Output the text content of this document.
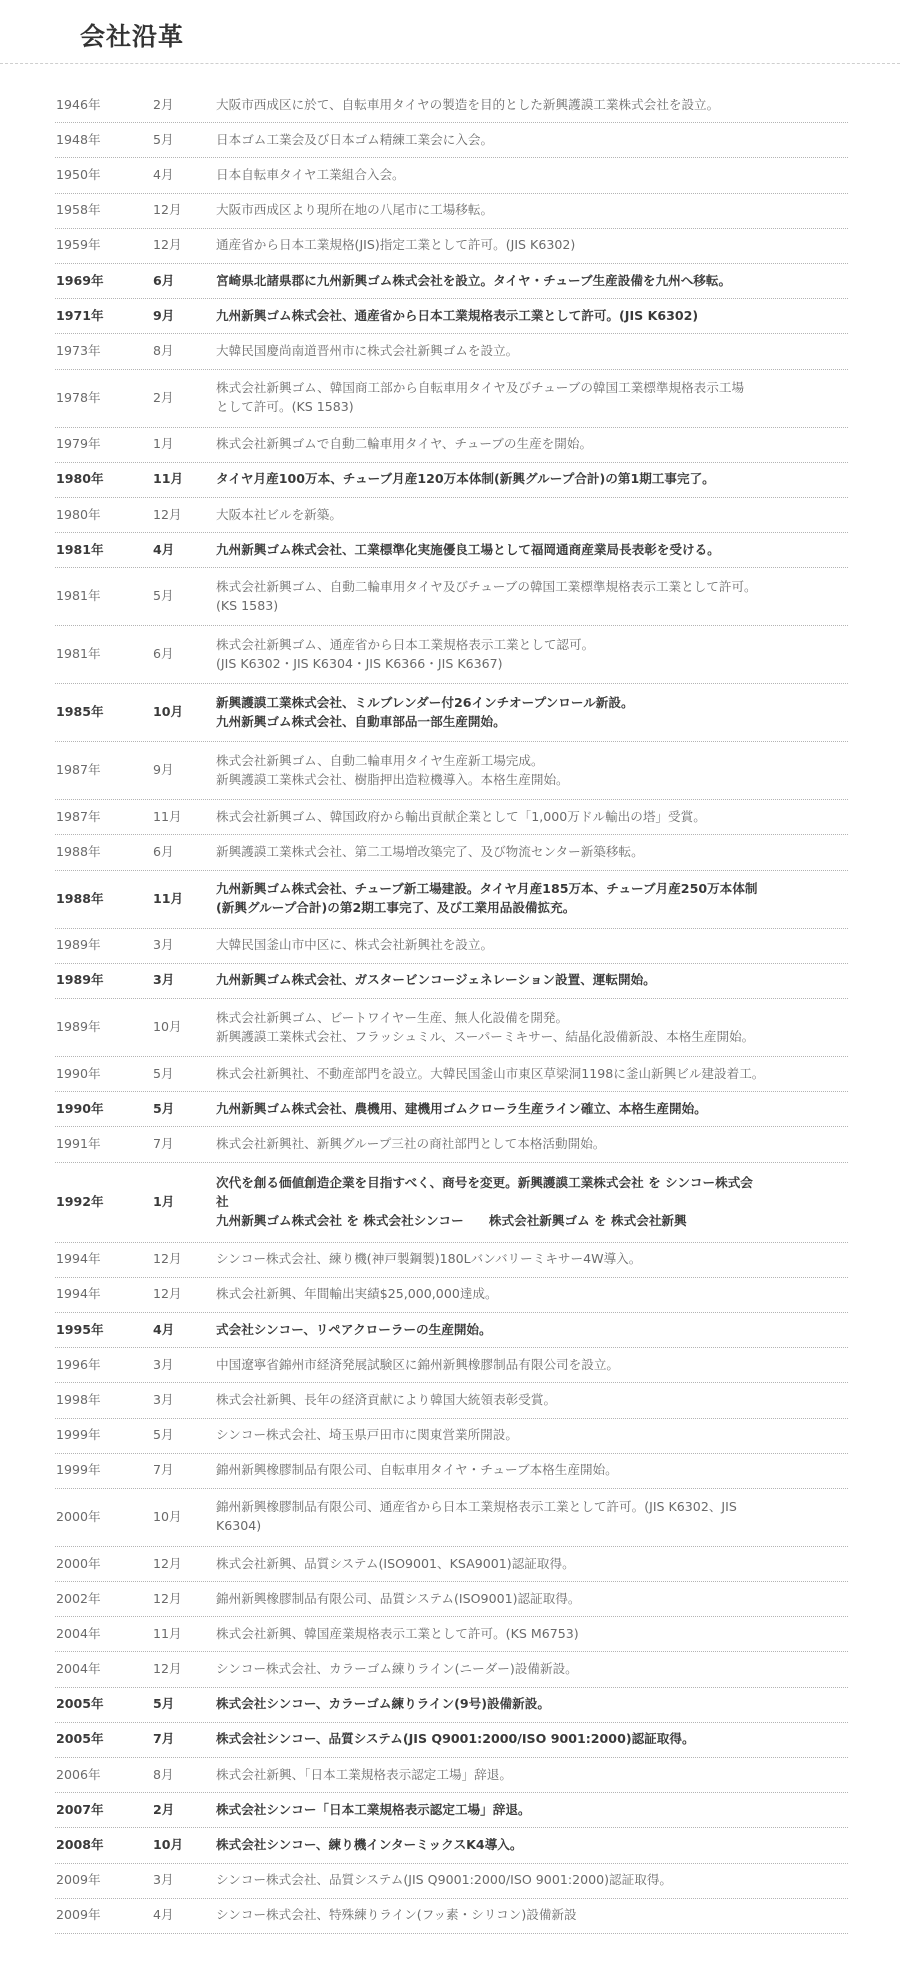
会社沿革
1946年	2月	大阪市西成区に於て、自転車用タイヤの製造を目的とした新興護謨工業株式会社を設立。
1948年	5月	日本ゴム工業会及び日本ゴム精練工業会に入会。
1950年	4月	日本自転車タイヤ工業組合入会。
1958年	12月	大阪市西成区より現所在地の八尾市に工場移転。
1959年	12月	通産省から日本工業規格(JIS)指定工業として許可。(JIS K6302)
1969年	6月	宮崎県北諸県郡に九州新興ゴム株式会社を設立。タイヤ・チューブ生産設備を九州へ移転。
1971年	9月	九州新興ゴム株式会社、通産省から日本工業規格表示工業として許可。(JIS K6302)
1973年	8月	大韓民国慶尚南道晋州市に株式会社新興ゴムを設立。
1978年	2月
株式会社新興ゴム、韓国商工部から自転車用タイヤ及びチューブの韓国工業標準規格表示工場
として許可。(KS 1583)
1979年	1月	株式会社新興ゴムで自動二輪車用タイヤ、チューブの生産を開始。
1980年	11月	タイヤ月産100万本、チューブ月産120万本体制(新興グループ合計)の第1期工事完了。
1980年	12月	大阪本社ビルを新築。
1981年	4月	九州新興ゴム株式会社、工業標準化実施優良工場として福岡通商産業局長表彰を受ける。
1981年	5月
株式会社新興ゴム、自動二輪車用タイヤ及びチューブの韓国工業標準規格表示工業として許可。
(KS 1583)
1981年	6月
株式会社新興ゴム、通産省から日本工業規格表示工業として認可。
(JIS K6302・JIS K6304・JIS K6366・JIS K6367)
1985年	10月
新興護謨工業株式会社、ミルブレンダー付26インチオープンロール新設。
九州新興ゴム株式会社、自動車部品一部生産開始。
1987年	9月
株式会社新興ゴム、自動二輪車用タイヤ生産新工場完成。
新興護謨工業株式会社、樹脂押出造粒機導入。本格生産開始。
1987年	11月	株式会社新興ゴム、韓国政府から輸出貢献企業として「1,000万ドル輸出の塔」受賞。
1988年	6月	新興護謨工業株式会社、第二工場増改築完了、及び物流センター新築移転。
1988年	11月
九州新興ゴム株式会社、チューブ新工場建設。タイヤ月産185万本、チューブ月産250万本体制
(新興グループ合計)の第2期工事完了、及び工業用品設備拡充。
1989年	3月	大韓民国釜山市中区に、株式会社新興社を設立。
1989年	3月	九州新興ゴム株式会社、ガスタービンコージェネレーション設置、運転開始。
1989年	10月
株式会社新興ゴム、ビートワイヤー生産、無人化設備を開発。
新興護謨工業株式会社、フラッシュミル、スーパーミキサー、結晶化設備新設、本格生産開始。
1990年	5月	株式会社新興社、不動産部門を設立。大韓民国釜山市東区草梁洞1198に釜山新興ビル建設着工。
1990年	5月	九州新興ゴム株式会社、農機用、建機用ゴムクローラ生産ライン確立、本格生産開始。
1991年	7月	株式会社新興社、新興グループ三社の商社部門として本格活動開始。
1992年	1月
次代を創る価値創造企業を目指すべく、商号を変更。新興護謨工業株式会社 を シンコー株式会
社
九州新興ゴム株式会社 を 株式会社シンコー　　株式会社新興ゴム を 株式会社新興
1994年	12月	シンコー株式会社、練り機(神戸製鋼製)180Lバンバリーミキサー4W導入。
1994年	12月	株式会社新興、年間輸出実績$25,000,000達成。
1995年	4月	式会社シンコー、リペアクローラーの生産開始。
1996年	3月	中国遼寧省錦州市経済発展試験区に錦州新興橡膠制品有限公司を設立。
1998年	3月	株式会社新興、長年の経済貢献により韓国大統領表彰受賞。
1999年	5月	シンコー株式会社、埼玉県戸田市に関東営業所開設。
1999年	7月	錦州新興橡膠制品有限公司、自転車用タイヤ・チューブ本格生産開始。
2000年	10月
錦州新興橡膠制品有限公司、通産省から日本工業規格表示工業として許可。(JIS K6302、JIS
K6304)
2000年	12月	株式会社新興、品質システム(ISO9001、KSA9001)認証取得。
2002年	12月	錦州新興橡膠制品有限公司、品質システム(ISO9001)認証取得。
2004年	11月	株式会社新興、韓国産業規格表示工業として許可。(KS M6753)
2004年	12月	シンコー株式会社、カラーゴム練りライン(ニーダー)設備新設。
2005年	5月	株式会社シンコー、カラーゴム練りライン(9号)設備新設。
2005年	7月	株式会社シンコー、品質システム(JIS Q9001:2000/ISO 9001:2000)認証取得。
2006年	8月	株式会社新興、「日本工業規格表示認定工場」辞退。
2007年	2月	株式会社シンコー「日本工業規格表示認定工場」辞退。
2008年	10月	株式会社シンコー、練り機インターミックスK4導入。
2009年	3月	シンコー株式会社、品質システム(JIS Q9001:2000/ISO 9001:2000)認証取得。
2009年	4月	シンコー株式会社、特殊練りライン(フッ素・シリコン)設備新設
